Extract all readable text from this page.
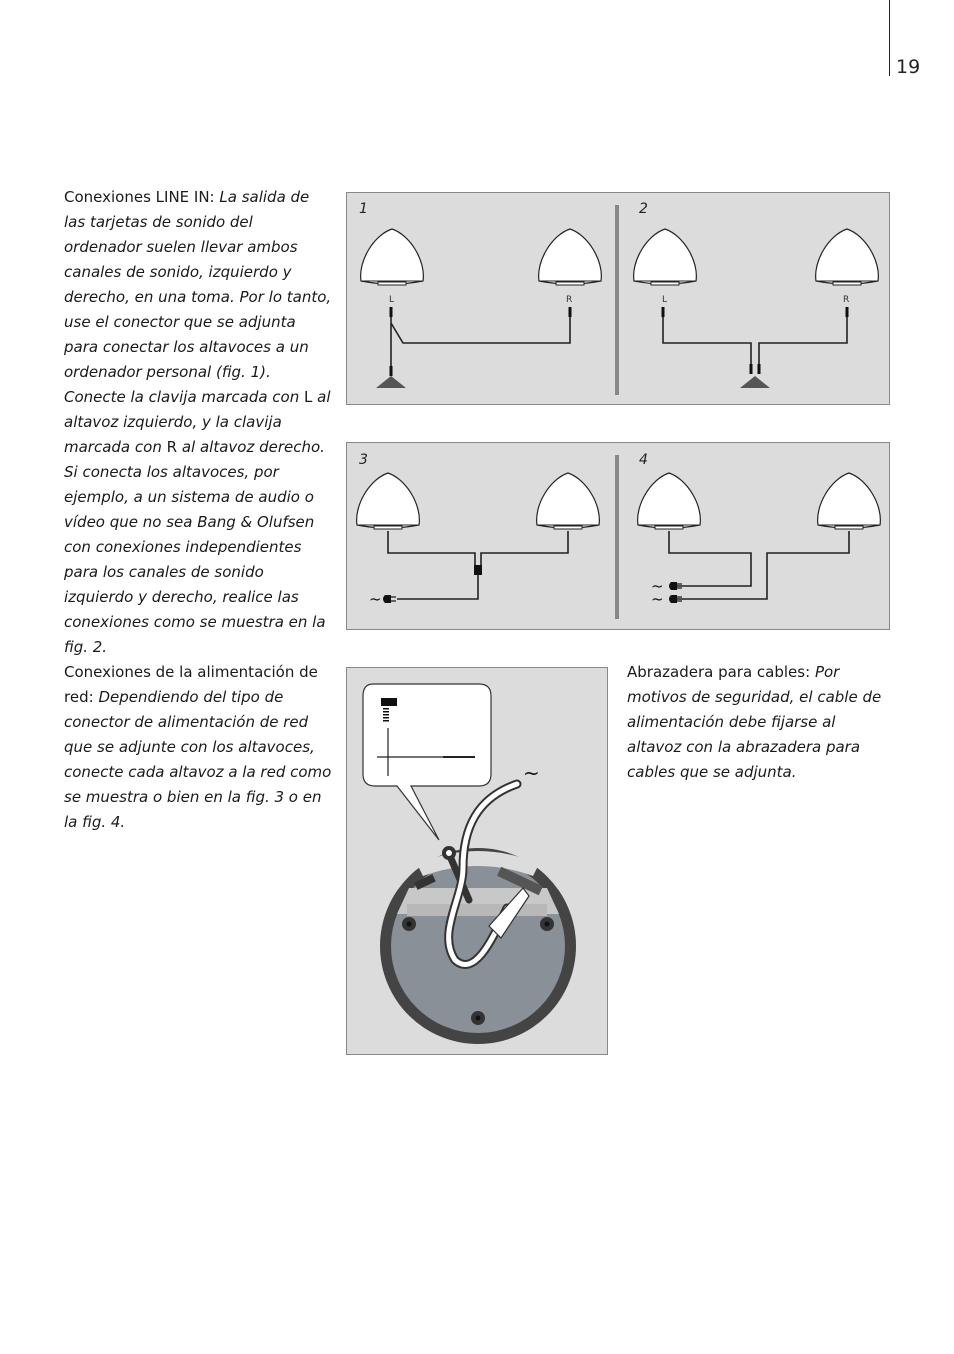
19
Conexiones LINE IN: La salida de las tarjetas de sonido del ordenador suelen llevar ambos canales de sonido, izquierdo y derecho, en una toma. Por lo tanto, use el conector que se adjunta para conectar los altavoces a un ordenador personal (fig. 1). Conecte la clavija marcada con L al altavoz izquierdo, y la clavija marcada con R al altavoz derecho.
Si conecta los altavoces, por ejemplo, a un sistema de audio o vídeo que no sea Bang & Olufsen con conexiones independientes para los canales de sonido izquierdo y derecho, realice las conexiones como se muestra en la fig. 2.
Conexiones de la alimentación de red: Dependiendo del tipo de conector de alimentación de red que se adjunte con los altavoces, conecte cada altavoz a la red como se muestra o bien en la fig. 3 o en la fig. 4.
Abrazadera para cables: Por motivos de seguridad, el cable de alimentación debe fijarse al altavoz con la abrazadera para cables que se adjunta.
1	2
L	R	L	R
3	4
~
~
~
~
